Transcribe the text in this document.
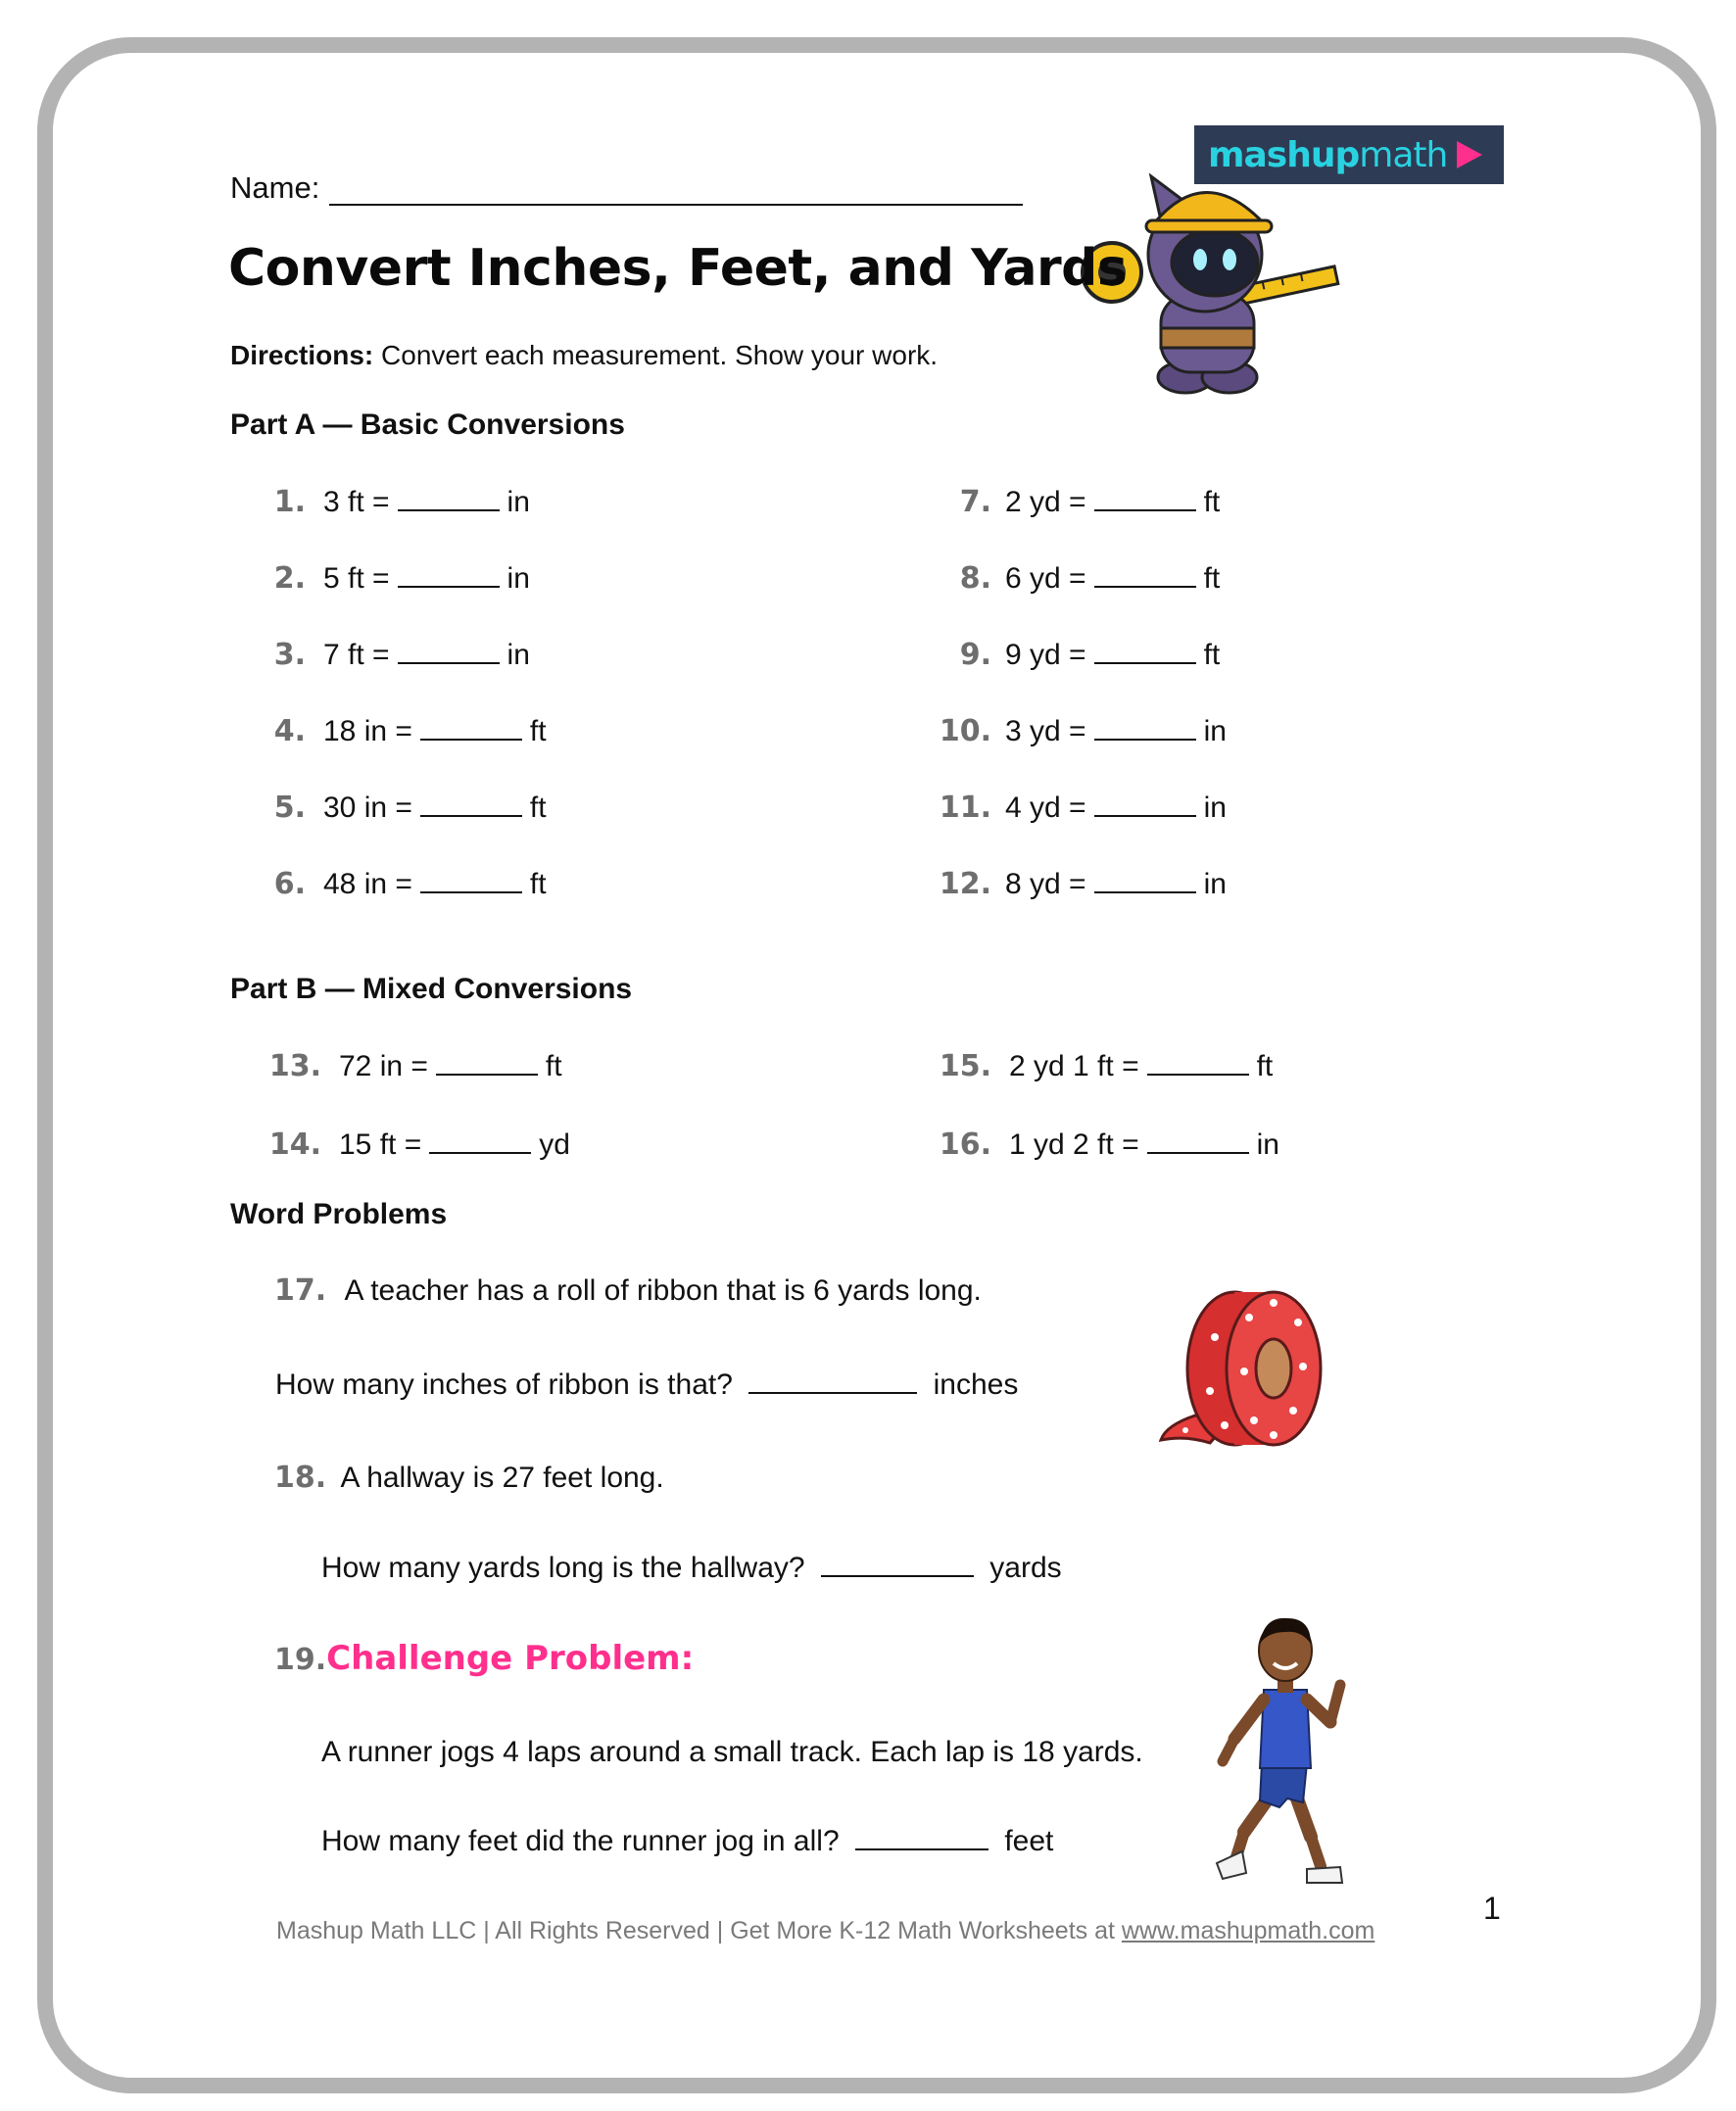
mashup math
Name:
Convert Inches, Feet, and Yards
Directions: Convert each measurement. Show your work.
Part A — Basic Conversions
1. 3 ft =	in
2. 5 ft =	in
3. 7 ft =	in
4. 18 in =	ft
5. 30 in =	ft
6. 48 in =	ft
7. 2 yd =	ft
8. 6 yd =	ft
9. 9 yd =	ft
10. 3 yd =	in
11. 4 yd =	in
12. 8 yd =	in
Part B — Mixed Conversions
13. 72 in =	ft
14. 15 ft =	yd
15. 2 yd 1 ft =	ft
16. 1 yd 2 ft =	in
Word Problems
17. A teacher has a roll of ribbon that is 6 yards long.
How many inches of ribbon is that?	inches
18. A hallway is 27 feet long.
How many yards long is the hallway?	yards
19.Challenge Problem:
A runner jogs 4 laps around a small track. Each lap is 18 yards.
How many feet did the runner jog in all?	feet
Mashup Math LLC | All Rights Reserved | Get More K-12 Math Worksheets at www.mashupmath.com
1
